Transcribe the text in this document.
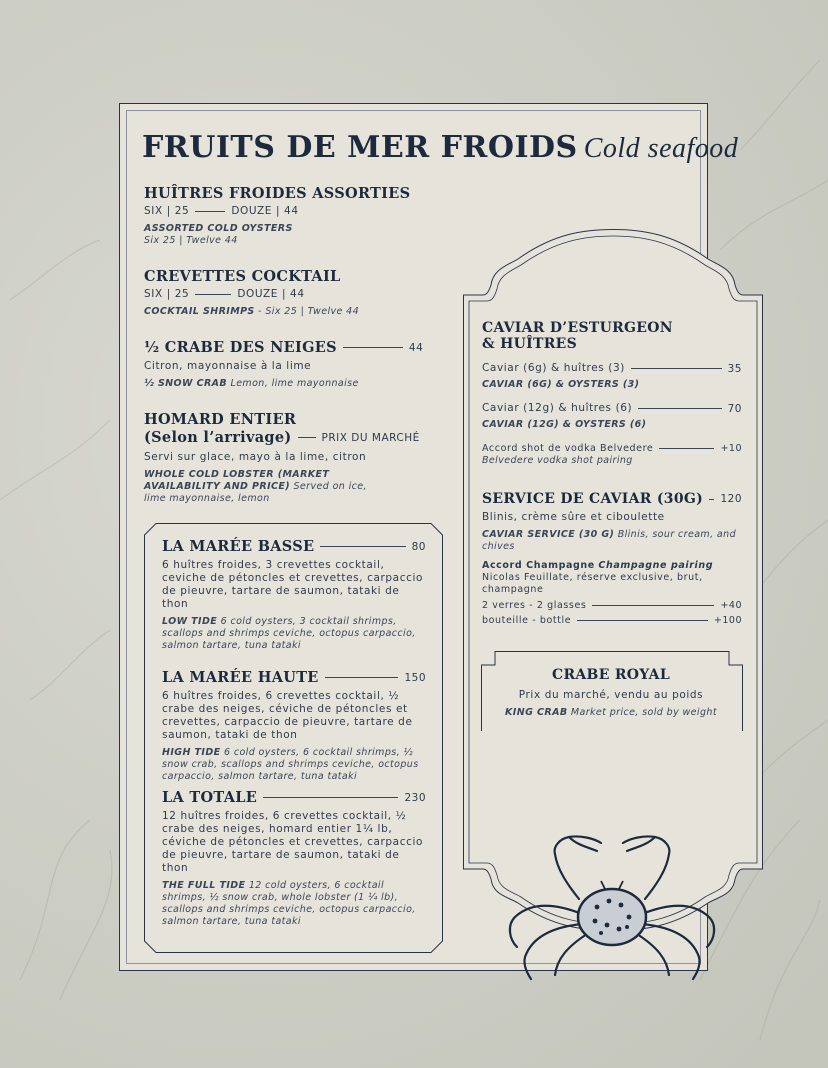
FRUITS DE MER FROIDS Cold seafood
HUÎTRES FROIDES ASSORTIES
SIX | 25	DOUZE | 44
ASSORTED COLD OYSTERS
Six 25 | Twelve 44
CREVETTES COCKTAIL
SIX | 25	DOUZE | 44
COCKTAIL SHRIMPS - Six 25 | Twelve 44
½ CRABE DES NEIGES	44
Citron, mayonnaise à la lime
½ SNOW CRAB Lemon, lime mayonnaise
HOMARD ENTIER
(Selon l’arrivage)	PRIX DU MARCHÉ
Servi sur glace, mayo à la lime, citron
WHOLE COLD LOBSTER (MARKET AVAILABILITY AND PRICE) Served on ice, lime mayonnaise, lemon
LA MARÉE BASSE	80
6 huîtres froides, 3 crevettes cocktail, ceviche de pétoncles et crevettes, carpaccio de pieuvre, tartare de saumon, tataki de thon
LOW TIDE 6 cold oysters, 3 cocktail shrimps, scallops and shrimps ceviche, octopus carpaccio, salmon tartare, tuna tataki
LA MARÉE HAUTE	150
6 huîtres froides, 6 crevettes cocktail, ½ crabe des neiges, céviche de pétoncles et crevettes, carpaccio de pieuvre, tartare de saumon, tataki de thon
HIGH TIDE 6 cold oysters, 6 cocktail shrimps, ½ snow crab, scallops and shrimps ceviche, octopus carpaccio, salmon tartare, tuna tataki
LA TOTALE	230
12 huîtres froides, 6 crevettes cocktail, ½ crabe des neiges, homard entier 1¼ lb, céviche de pétoncles et crevettes, carpaccio de pieuvre, tartare de saumon, tataki de thon
THE FULL TIDE 12 cold oysters, 6 cocktail shrimps, ½ snow crab, whole lobster (1 ¼ lb), scallops and shrimps ceviche, octopus carpaccio, salmon tartare, tuna tataki
CAVIAR D’ESTURGEON
& HUÎTRES
Caviar (6g) & huîtres (3)	35
CAVIAR (6G) & OYSTERS (3)
Caviar (12g) & huîtres (6)	70
CAVIAR (12G) & OYSTERS (6)
Accord shot de vodka Belvedere	+10
Belvedere vodka shot pairing
SERVICE DE CAVIAR (30G) 120
Blinis, crème sûre et ciboulette
CAVIAR SERVICE (30 G) Blinis, sour cream, and chives
Accord Champagne Champagne pairing
Nicolas Feuillate, réserve exclusive, brut, champagne
2 verres - 2 glasses	+40
bouteille - bottle	+100
CRABE ROYAL
Prix du marché, vendu au poids
KING CRAB Market price, sold by weight
